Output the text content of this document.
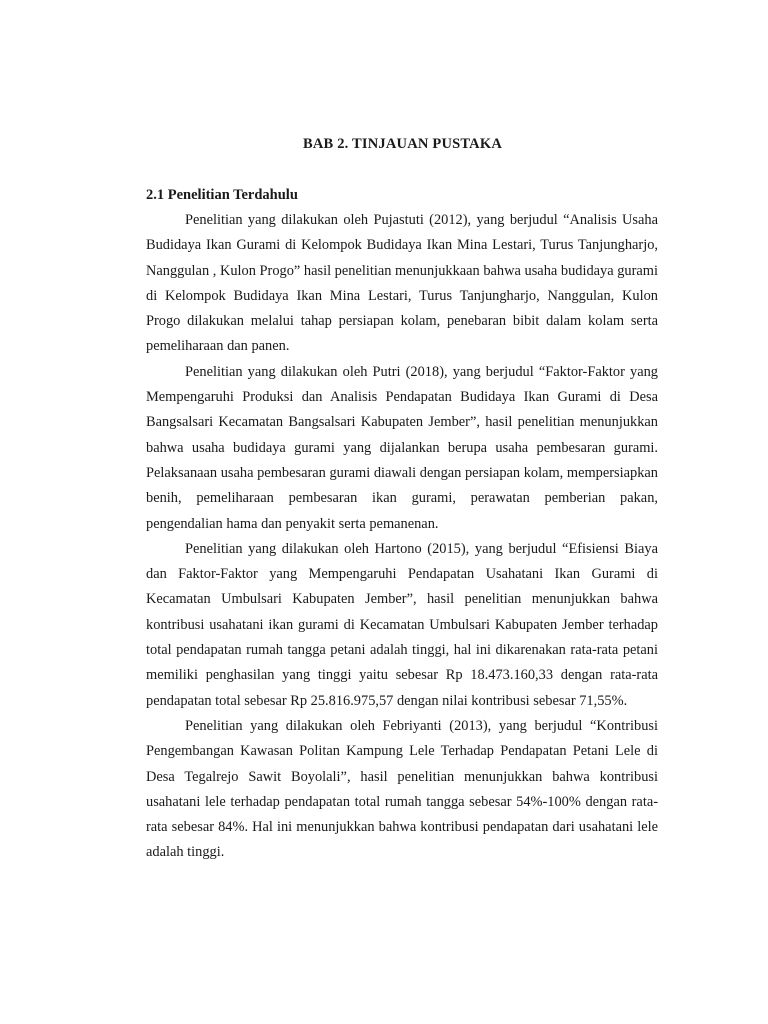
BAB 2. TINJAUAN PUSTAKA
2.1 Penelitian Terdahulu

Penelitian yang dilakukan oleh Pujastuti (2012), yang berjudul “Analisis Usaha Budidaya Ikan Gurami di Kelompok Budidaya Ikan Mina Lestari, Turus Tanjungharjo, Nanggulan , Kulon Progo” hasil penelitian menunjukkaan bahwa usaha budidaya gurami di Kelompok Budidaya Ikan Mina Lestari, Turus Tanjungharjo, Nanggulan, Kulon Progo dilakukan melalui tahap persiapan kolam, penebaran bibit dalam kolam serta pemeliharaan dan panen.

Penelitian yang dilakukan oleh Putri (2018), yang berjudul “Faktor-Faktor yang Mempengaruhi Produksi dan Analisis Pendapatan Budidaya Ikan Gurami di Desa Bangsalsari Kecamatan Bangsalsari Kabupaten Jember”, hasil penelitian menunjukkan bahwa usaha budidaya gurami yang dijalankan berupa usaha pembesaran gurami. Pelaksanaan usaha pembesaran gurami diawali dengan persiapan kolam, mempersiapkan benih, pemeliharaan pembesaran ikan gurami, perawatan pemberian pakan, pengendalian hama dan penyakit serta pemanenan.

Penelitian yang dilakukan oleh Hartono (2015), yang berjudul “Efisiensi Biaya dan Faktor-Faktor yang Mempengaruhi Pendapatan Usahatani Ikan Gurami di Kecamatan Umbulsari Kabupaten Jember”, hasil penelitian menunjukkan bahwa kontribusi usahatani ikan gurami di Kecamatan Umbulsari Kabupaten Jember terhadap total pendapatan rumah tangga petani adalah tinggi, hal ini dikarenakan rata-rata petani memiliki penghasilan yang tinggi yaitu sebesar Rp 18.473.160,33 dengan rata-rata pendapatan total sebesar Rp 25.816.975,57 dengan nilai kontribusi sebesar 71,55%.

Penelitian yang dilakukan oleh Febriyanti (2013), yang berjudul “Kontribusi Pengembangan Kawasan Politan Kampung Lele Terhadap Pendapatan Petani Lele di Desa Tegalrejo Sawit Boyolali”, hasil penelitian menunjukkan bahwa kontribusi usahatani lele terhadap pendapatan total rumah tangga sebesar 54%-100% dengan rata-rata sebesar 84%. Hal ini menunjukkan bahwa kontribusi pendapatan dari usahatani lele adalah tinggi.
